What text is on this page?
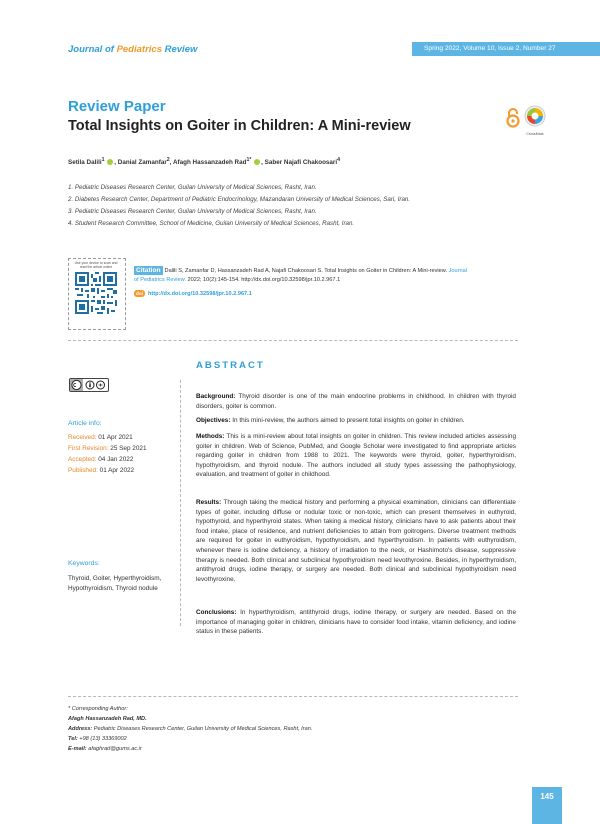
Journal of Pediatrics Review	Spring 2022, Volume 10, Issue 2, Number 27
Review Paper
Total Insights on Goiter in Children: A Mini-review	CrossMark
Setila Dalili$^1$ , Danial Zamanfar$^2$, Afagh Hassanzadeh Rad$^{1*}$ , Saber Najafi Chakoosari$^4$
1. Pediatric Diseases Research Center, Guilan University of Medical Sciences, Rasht, Iran.
2. Diabetes Research Center, Department of Pediatric Endocrinology, Mazandaran University of Medical Sciences, Sari, Iran.
3. Pediatric Diseases Research Center, Guilan University of Medical Sciences, Rasht, Iran.
4. Student Research Committee, School of Medicine, Guilan University of Medical Sciences, Rasht, Iran.
Use your device to scan and read the article online	Citation Dalili S, Zamanfar D, Hassanzadeh Rad A, Najafi Chakoosari S. Total Insights on Goiter in Children: A Mini-review. Journal
of Pediatrics Review. 2022; 10(2):145-154. http://dx.doi.org/10.32598/jpr.10.2.967.1
doi http://dx.doi.org/10.32598/jpr.10.2.967.1
ABSTRACT
Article info:
Received: 01 Apr 2021
First Revision: 25 Sep 2021
Accepted: 04 Jan 2022
Published: 01 Apr 2022
Keywords:
Thyroid, Goiter, Hyperthyroidism, Hypothyroidism, Thyroid nodule
Background: Thyroid disorder is one of the main endocrine problems in childhood. In children with thyroid disorders, goiter is common.
Objectives: In this mini-review, the authors aimed to present total insights on goiter in children.
Methods: This is a mini-review about total insights on goiter in children. This review included articles assessing goiter in children. Web of Science, PubMed, and Google Scholar were investigated to find appropriate articles regarding goiter in children from 1988 to 2021. The keywords were thyroid, goiter, hyperthyroidism, hypothyroidism, and thyroid nodule. The authors included all study types assessing the pathophysiology, evaluation, and treatment of goiter in childhood.
Results: Through taking the medical history and performing a physical examination, clinicians can differentiate types of goiter, including diffuse or nodular toxic or non-toxic, which can present themselves in euthyroid, hypothyroid, and hyperthyroid states. When taking a medical history, clinicians have to ask patients about their food intake, place of residence, and nutrient deficiencies to attain from goitrogens. Diverse treatment methods are required for goiter in euthyroidism, hypothyroidism, and hyperthyroidism. In patients with euthyroidism, whenever there is iodine deficiency, a history of irradiation to the neck, or Hashimoto's disease, suppressive therapy is needed. Both clinical and subclinical hypothyroidism need levothyroxine. Besides, in hyperthyroidism, antithyroid drugs, iodine therapy, or surgery are needed. Both clinical and subclinical hypothyroidism need levothyroxine.
Conclusions: In hyperthyroidism, antithyroid drugs, iodine therapy, or surgery are needed. Based on the importance of managing goiter in children, clinicians have to consider food intake, vitamin deficiency, and iodine status in these patients.
* Corresponding Author:
Afagh Hassanzadeh Rad, MD.
Address: Pediatric Diseases Research Center, Guilan University of Medical Sciences, Rasht, Iran.
Tel: +98 (13) 33369002
E-mail: afaghrad@gums.ac.ir
145
